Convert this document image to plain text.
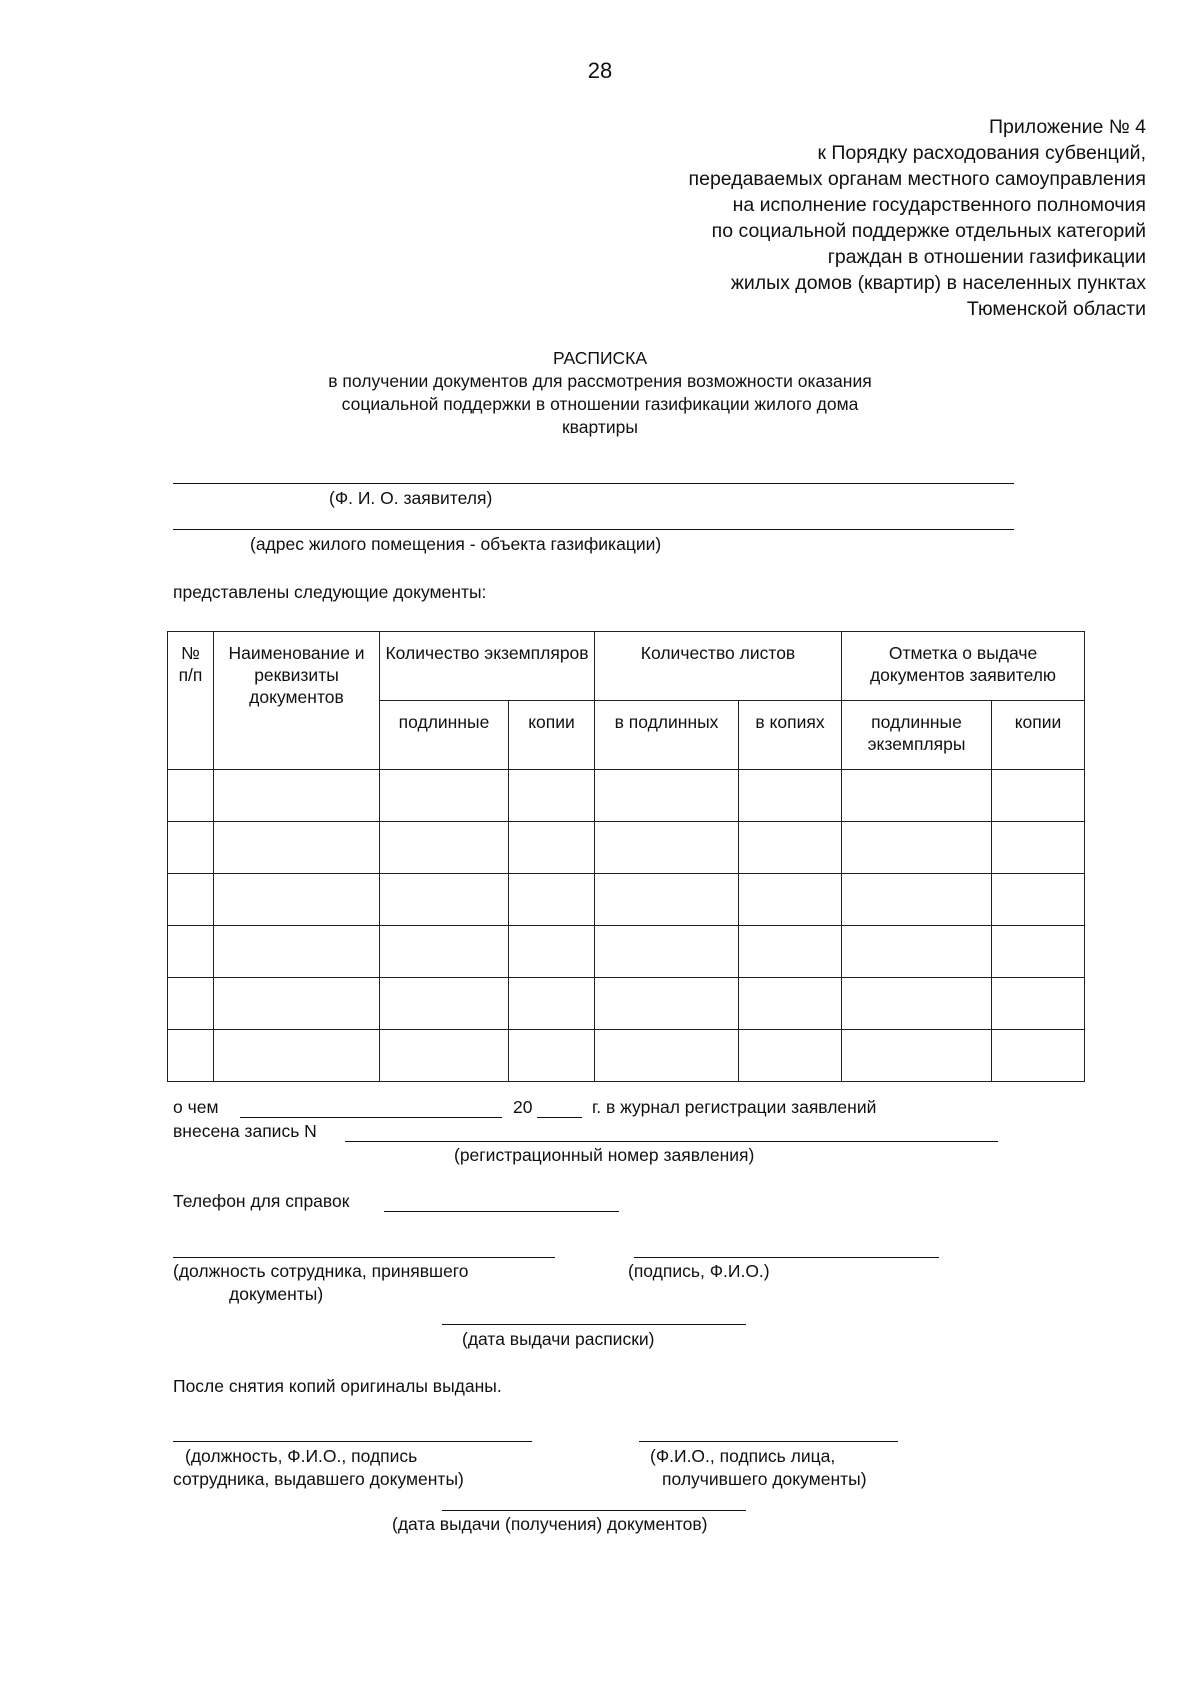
28
Приложение № 4
к Порядку расходования субвенций,
передаваемых органам местного самоуправления
на исполнение государственного полномочия
по социальной поддержке отдельных категорий
граждан в отношении газификации
жилых домов (квартир) в населенных пунктах
Тюменской области
РАСПИСКА
в получении документов для рассмотрения возможности оказания
социальной поддержки в отношении газификации жилого дома
квартиры
(Ф. И. О. заявителя)
(адрес жилого помещения - объекта газификации)
представлены следующие документы:
№ п/п	Наименование и реквизиты документов	Количество экземпляров		Количество листов		Отметка о выдаче документов заявителю	
		подлинные	копии	в подлинных	в копиях	подлинные экземпляры	копии

о чем	20	г. в журнал регистрации заявлений
внесена запись N
(регистрационный номер заявления)
Телефон для справок
(должность сотрудника, принявшего
документы)
(подпись, Ф.И.О.)
(дата выдачи расписки)
После снятия копий оригиналы выданы.
(должность, Ф.И.О., подпись
сотрудника, выдавшего документы)
(Ф.И.О., подпись лица,
получившего документы)
(дата выдачи (получения) документов)
